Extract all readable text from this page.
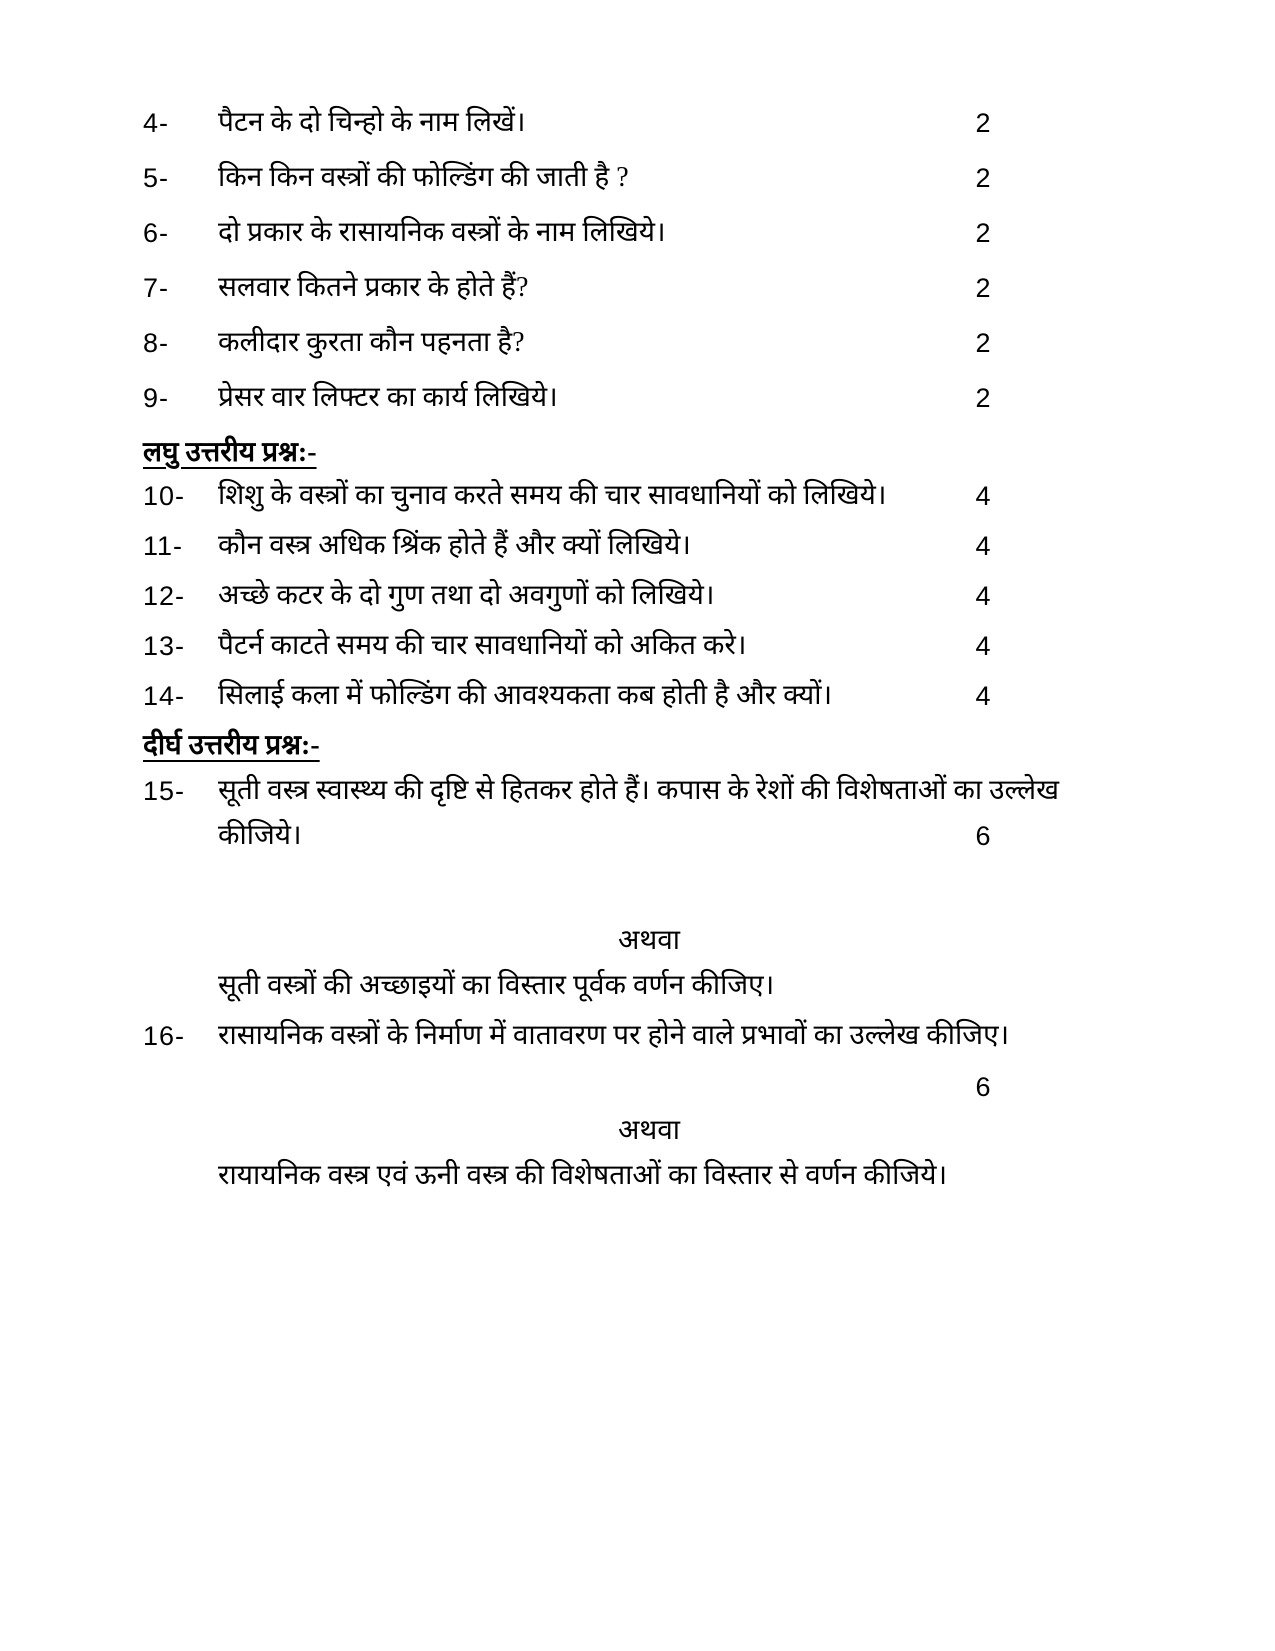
4-	पैटन के दो चिन्हो के नाम लिखें।	2
5-	किन किन वस्त्रों की फोल्डिंग की जाती है ?	2
6-	दो प्रकार के रासायनिक वस्त्रों के नाम लिखिये।	2
7-	सलवार कितने प्रकार के होते हैं?	2
8-	कलीदार कुरता कौन पहनता है?	2
9-	प्रेसर वार लिफ्टर का कार्य लिखिये।	2
लघु उत्तरीय प्रश्न:-
10-	शिशु के वस्त्रों का चुनाव करते समय की चार सावधानियों को लिखिये।	4
11-	कौन वस्त्र अधिक श्रिंक होते हैं और क्यों लिखिये।	4
12-	अच्छे कटर के दो गुण तथा दो अवगुणों को लिखिये।	4
13-	पैटर्न काटते समय की चार सावधानियों को अकित करे।	4
14-	सिलाई कला में फोल्डिंग की आवश्यकता कब होती है और क्यों।	4
दीर्घ उत्तरीय प्रश्न:-
15-	सूती वस्त्र स्वास्थ्य की दृष्टि से हितकर होते हैं। कपास के रेशों की विशेषताओं का उल्लेख
कीजिये।	6
अथवा
सूती वस्त्रों की अच्छाइयों का विस्तार पूर्वक वर्णन कीजिए।
16-	रासायनिक वस्त्रों के निर्माण में वातावरण पर होने वाले प्रभावों का उल्लेख कीजिए।
6
अथवा
रायायनिक वस्त्र एवं ऊनी वस्त्र की विशेषताओं का विस्तार से वर्णन कीजिये।
